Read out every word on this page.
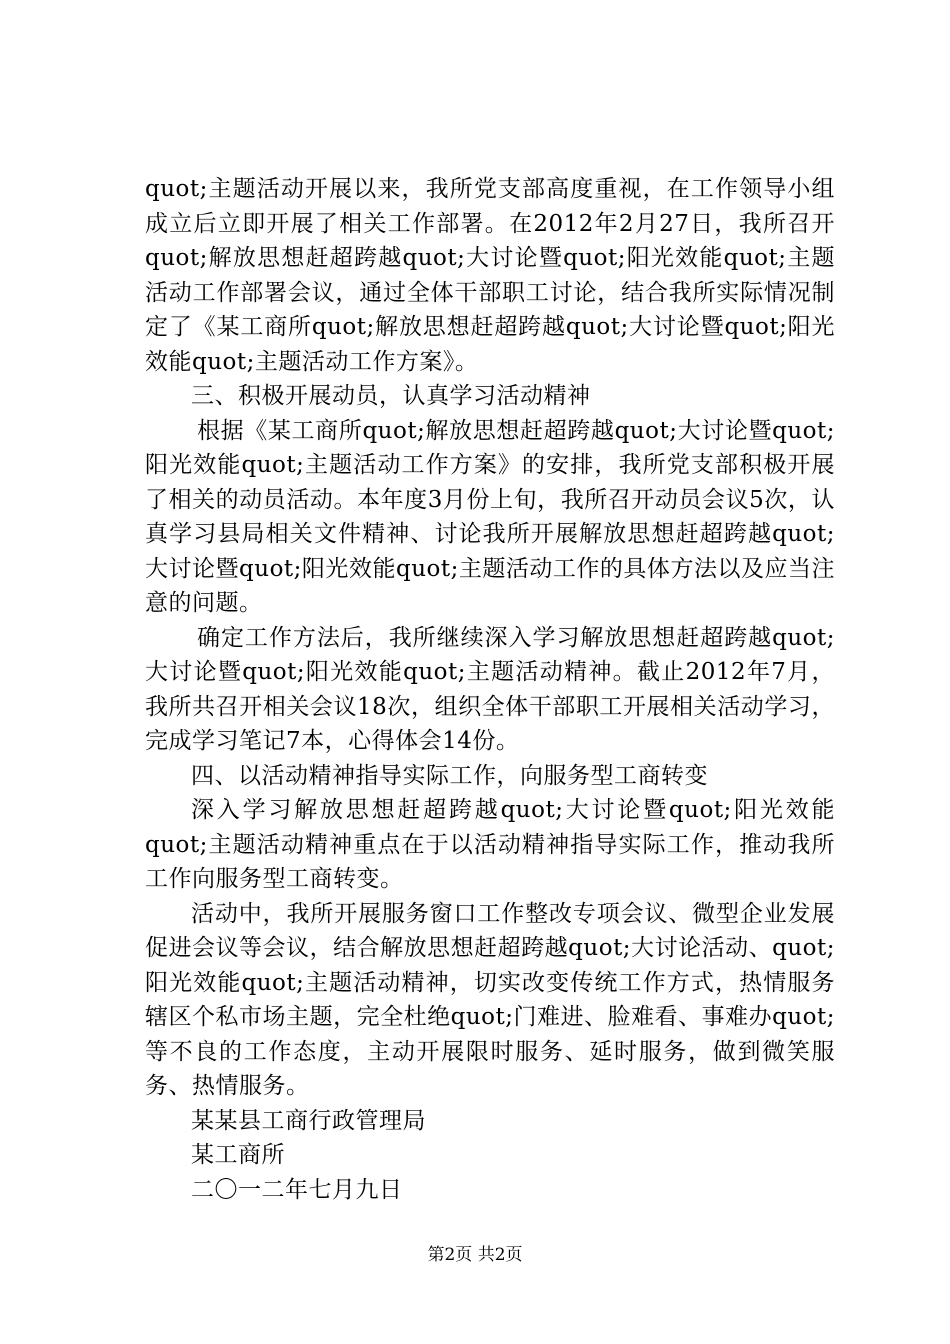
quot;主题活动开展以来，我所党支部高度重视，在工作领导小组成立后立即开展了相关工作部署。在2012年2月27日，我所召开quot;解放思想赶超跨越quot;大讨论暨quot;阳光效能quot;主题活动工作部署会议，通过全体干部职工讨论，结合我所实际情况制定了《某工商所quot;解放思想赶超跨越quot;大讨论暨quot;阳光效能quot;主题活动工作方案》。

三、积极开展动员，认真学习活动精神

根据《某工商所quot;解放思想赶超跨越quot;大讨论暨quot;阳光效能quot;主题活动工作方案》的安排，我所党支部积极开展了相关的动员活动。本年度3月份上旬，我所召开动员会议5次，认真学习县局相关文件精神、讨论我所开展解放思想赶超跨越quot;大讨论暨quot;阳光效能quot;主题活动工作的具体方法以及应当注意的问题。

确定工作方法后，我所继续深入学习解放思想赶超跨越quot;大讨论暨quot;阳光效能quot;主题活动精神。截止2012年7月，我所共召开相关会议18次，组织全体干部职工开展相关活动学习，完成学习笔记7本，心得体会14份。

四、以活动精神指导实际工作，向服务型工商转变

深入学习解放思想赶超跨越quot;大讨论暨quot;阳光效能quot;主题活动精神重点在于以活动精神指导实际工作，推动我所工作向服务型工商转变。

活动中，我所开展服务窗口工作整改专项会议、微型企业发展促进会议等会议，结合解放思想赶超跨越quot;大讨论活动、quot;阳光效能quot;主题活动精神，切实改变传统工作方式，热情服务辖区个私市场主题，完全杜绝quot;门难进、脸难看、事难办quot;等不良的工作态度，主动开展限时服务、延时服务，做到微笑服务、热情服务。

某某县工商行政管理局

某工商所

二〇一二年七月九日

第2页 共2页
